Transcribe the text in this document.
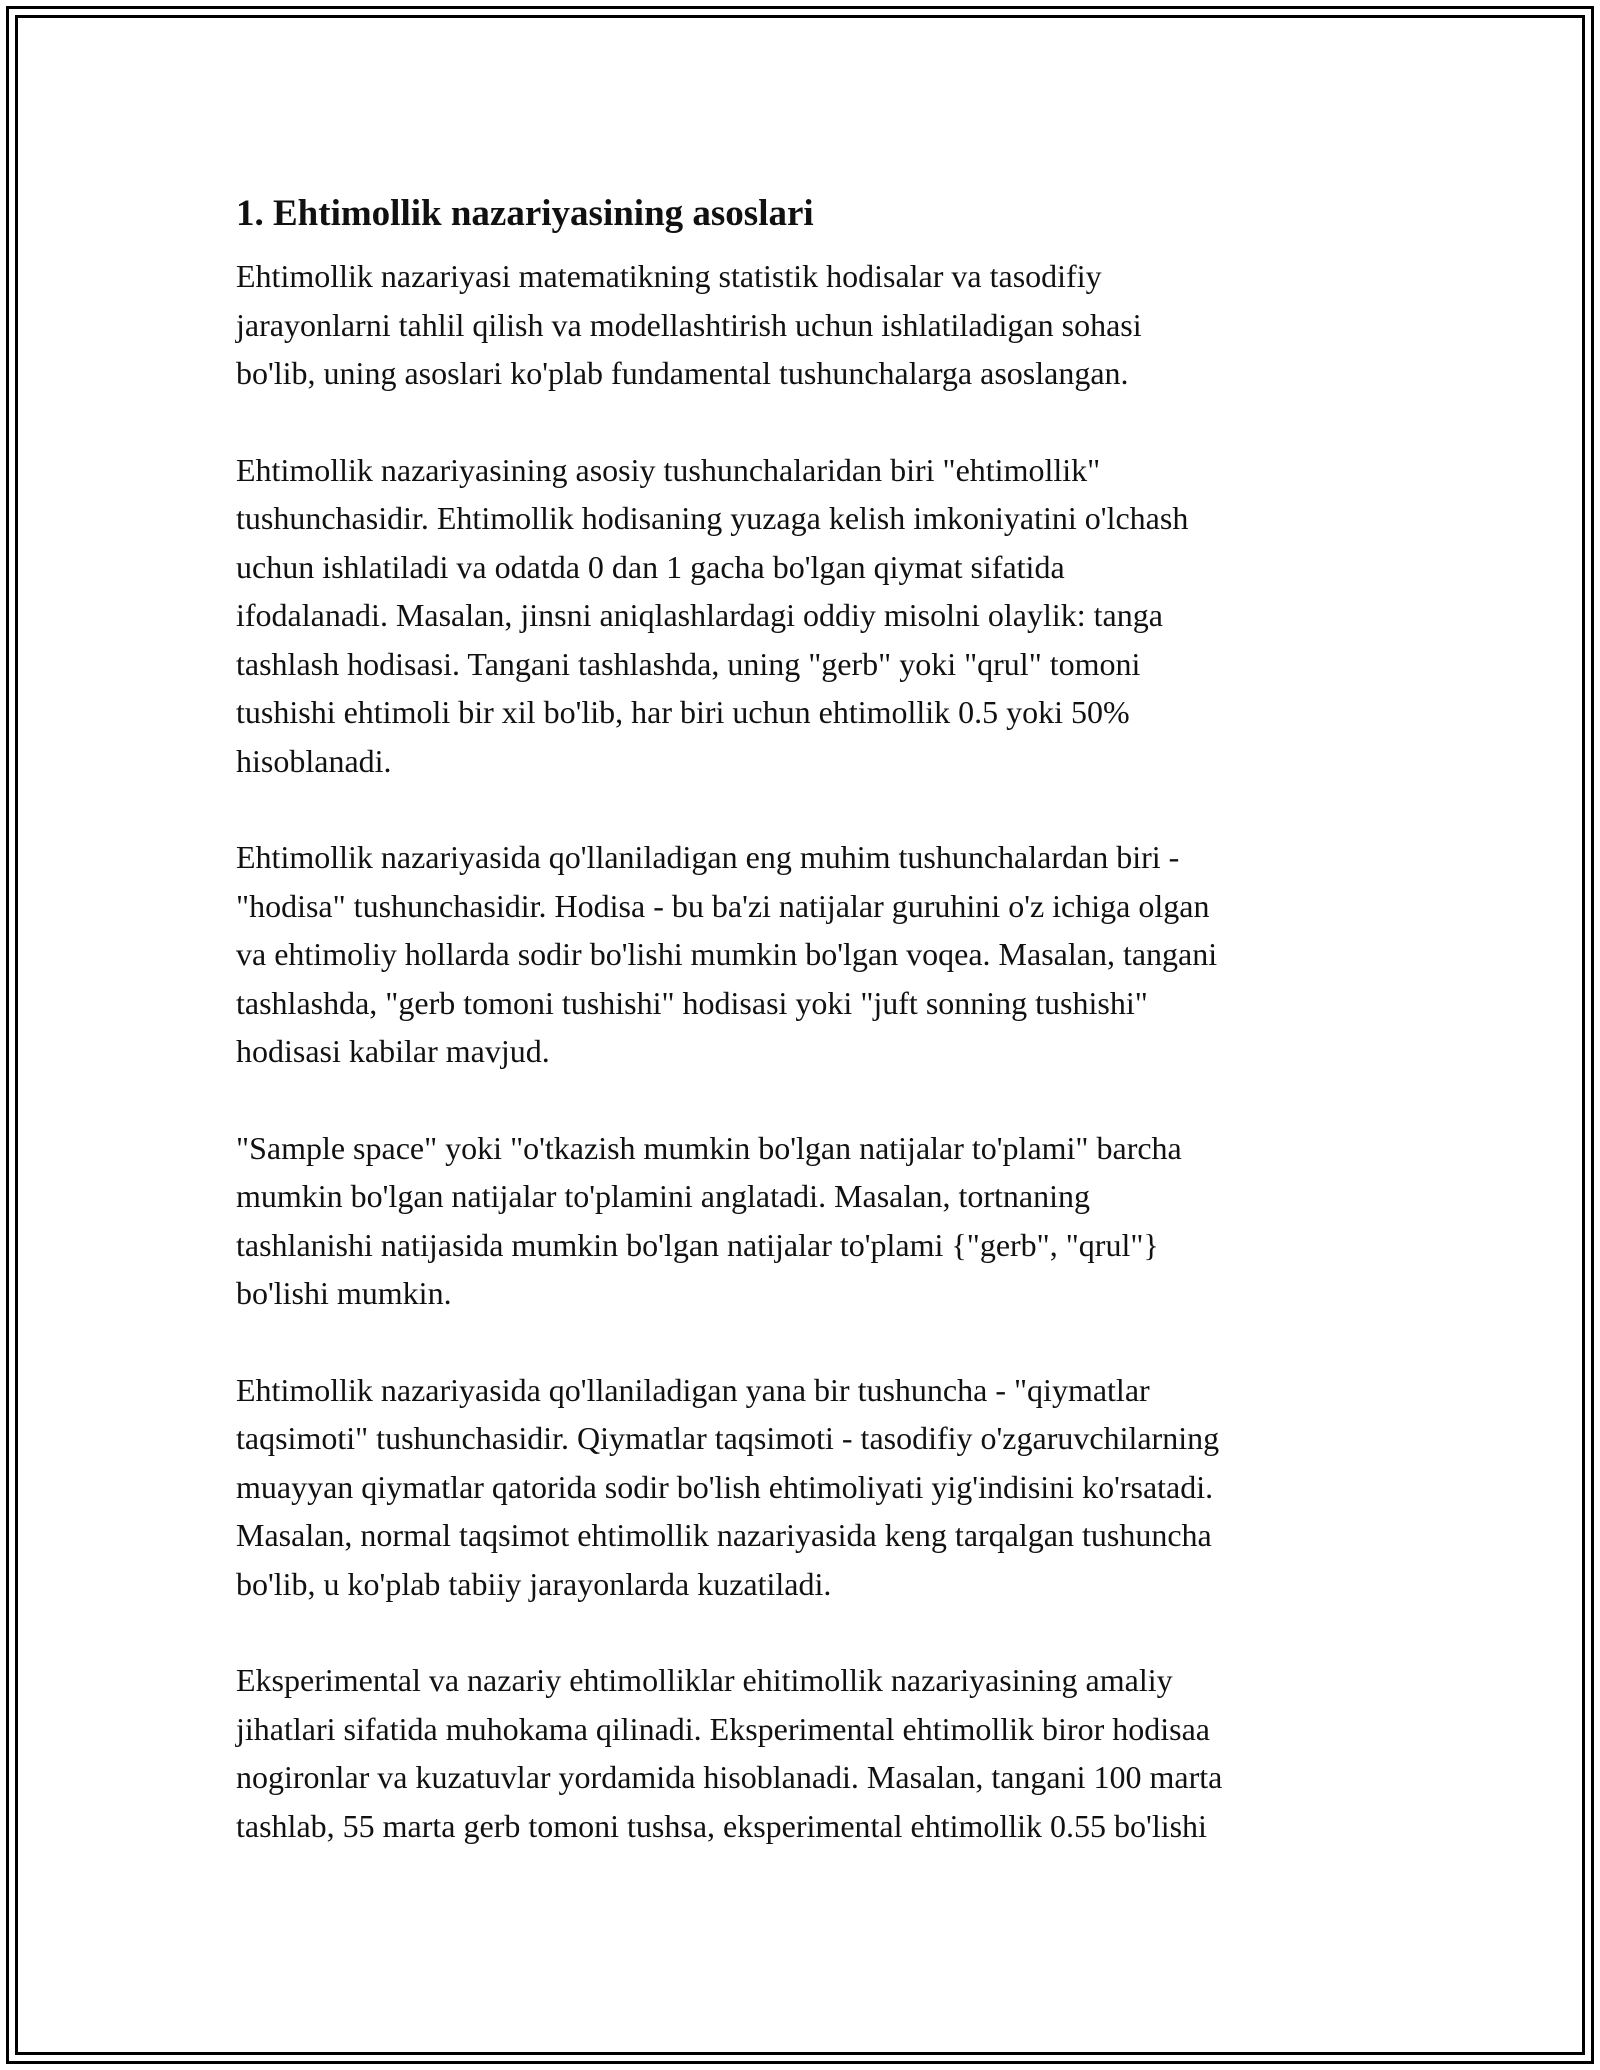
1. Ehtimollik nazariyasining asoslari
Ehtimollik nazariyasi matematikning statistik hodisalar va tasodifiy
jarayonlarni tahlil qilish va modellashtirish uchun ishlatiladigan sohasi
bo'lib, uning asoslari ko'plab fundamental tushunchalarga asoslangan.
Ehtimollik nazariyasining asosiy tushunchalaridan biri "ehtimollik"
tushunchasidir. Ehtimollik hodisaning yuzaga kelish imkoniyatini o'lchash
uchun ishlatiladi va odatda 0 dan 1 gacha bo'lgan qiymat sifatida
ifodalanadi. Masalan, jinsni aniqlashlardagi oddiy misolni olaylik: tanga
tashlash hodisasi. Tangani tashlashda, uning "gerb" yoki "qrul" tomoni
tushishi ehtimoli bir xil bo'lib, har biri uchun ehtimollik 0.5 yoki 50%
hisoblanadi.
Ehtimollik nazariyasida qo'llaniladigan eng muhim tushunchalardan biri -
"hodisa" tushunchasidir. Hodisa - bu ba'zi natijalar guruhini o'z ichiga olgan
va ehtimoliy hollarda sodir bo'lishi mumkin bo'lgan voqea. Masalan, tangani
tashlashda, "gerb tomoni tushishi" hodisasi yoki "juft sonning tushishi"
hodisasi kabilar mavjud.
"Sample space" yoki "o'tkazish mumkin bo'lgan natijalar to'plami" barcha
mumkin bo'lgan natijalar to'plamini anglatadi. Masalan, tortnaning
tashlanishi natijasida mumkin bo'lgan natijalar to'plami {"gerb", "qrul"}
bo'lishi mumkin.
Ehtimollik nazariyasida qo'llaniladigan yana bir tushuncha - "qiymatlar
taqsimoti" tushunchasidir. Qiymatlar taqsimoti - tasodifiy o'zgaruvchilarning
muayyan qiymatlar qatorida sodir bo'lish ehtimoliyati yig'indisini ko'rsatadi.
Masalan, normal taqsimot ehtimollik nazariyasida keng tarqalgan tushuncha
bo'lib, u ko'plab tabiiy jarayonlarda kuzatiladi.
Eksperimental va nazariy ehtimolliklar ehitimollik nazariyasining amaliy
jihatlari sifatida muhokama qilinadi. Eksperimental ehtimollik biror hodisaa
nogironlar va kuzatuvlar yordamida hisoblanadi. Masalan, tangani 100 marta
tashlab, 55 marta gerb tomoni tushsa, eksperimental ehtimollik 0.55 bo'lishi
